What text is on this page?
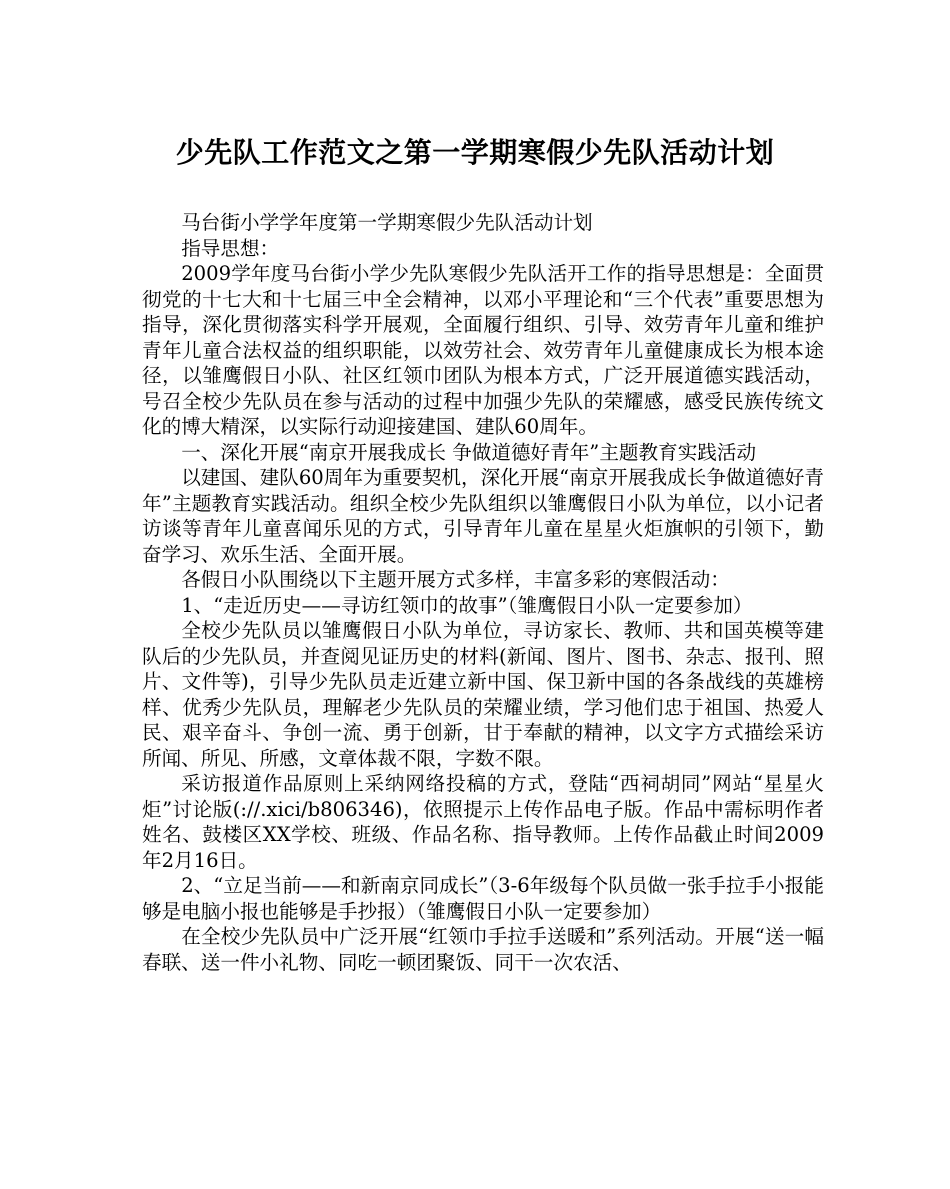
少先队工作范文之第一学期寒假少先队活动计划

马台街小学学年度第一学期寒假少先队活动计划

指导思想：

2009学年度马台街小学少先队寒假少先队活开工作的指导思想是：全面贯彻党的十七大和十七届三中全会精神，以邓小平理论和“三个代表”重要思想为指导，深化贯彻落实科学开展观，全面履行组织、引导、效劳青年儿童和维护青年儿童合法权益的组织职能，以效劳社会、效劳青年儿童健康成长为根本途径，以雏鹰假日小队、社区红领巾团队为根本方式，广泛开展道德实践活动，号召全校少先队员在参与活动的过程中加强少先队的荣耀感，感受民族传统文化的博大精深，以实际行动迎接建国、建队60周年。

一、深化开展“南京开展我成长 争做道德好青年”主题教育实践活动

以建国、建队60周年为重要契机，深化开展“南京开展我成长争做道德好青年”主题教育实践活动。组织全校少先队组织以雏鹰假日小队为单位，以小记者访谈等青年儿童喜闻乐见的方式，引导青年儿童在星星火炬旗帜的引领下，勤奋学习、欢乐生活、全面开展。

各假日小队围绕以下主题开展方式多样，丰富多彩的寒假活动：

1、“走近历史——寻访红领巾的故事”（雏鹰假日小队一定要参加）

全校少先队员以雏鹰假日小队为单位，寻访家长、教师、共和国英模等建队后的少先队员，并查阅见证历史的材料(新闻、图片、图书、杂志、报刊、照片、文件等)，引导少先队员走近建立新中国、保卫新中国的各条战线的英雄榜样、优秀少先队员，理解老少先队员的荣耀业绩，学习他们忠于祖国、热爱人民、艰辛奋斗、争创一流、勇于创新，甘于奉献的精神，以文字方式描绘采访所闻、所见、所感，文章体裁不限，字数不限。

采访报道作品原则上采纳网络投稿的方式，登陆“西祠胡同”网站“星星火炬”讨论版(://.xici/b806346)，依照提示上传作品电子版。作品中需标明作者姓名、鼓楼区XX学校、班级、作品名称、指导教师。上传作品截止时间2009年2月16日。

2、“立足当前——和新南京同成长”（3-6年级每个队员做一张手拉手小报能够是电脑小报也能够是手抄报）（雏鹰假日小队一定要参加）

在全校少先队员中广泛开展“红领巾手拉手送暖和”系列活动。开展“送一幅春联、送一件小礼物、同吃一顿团聚饭、同干一次农活、
